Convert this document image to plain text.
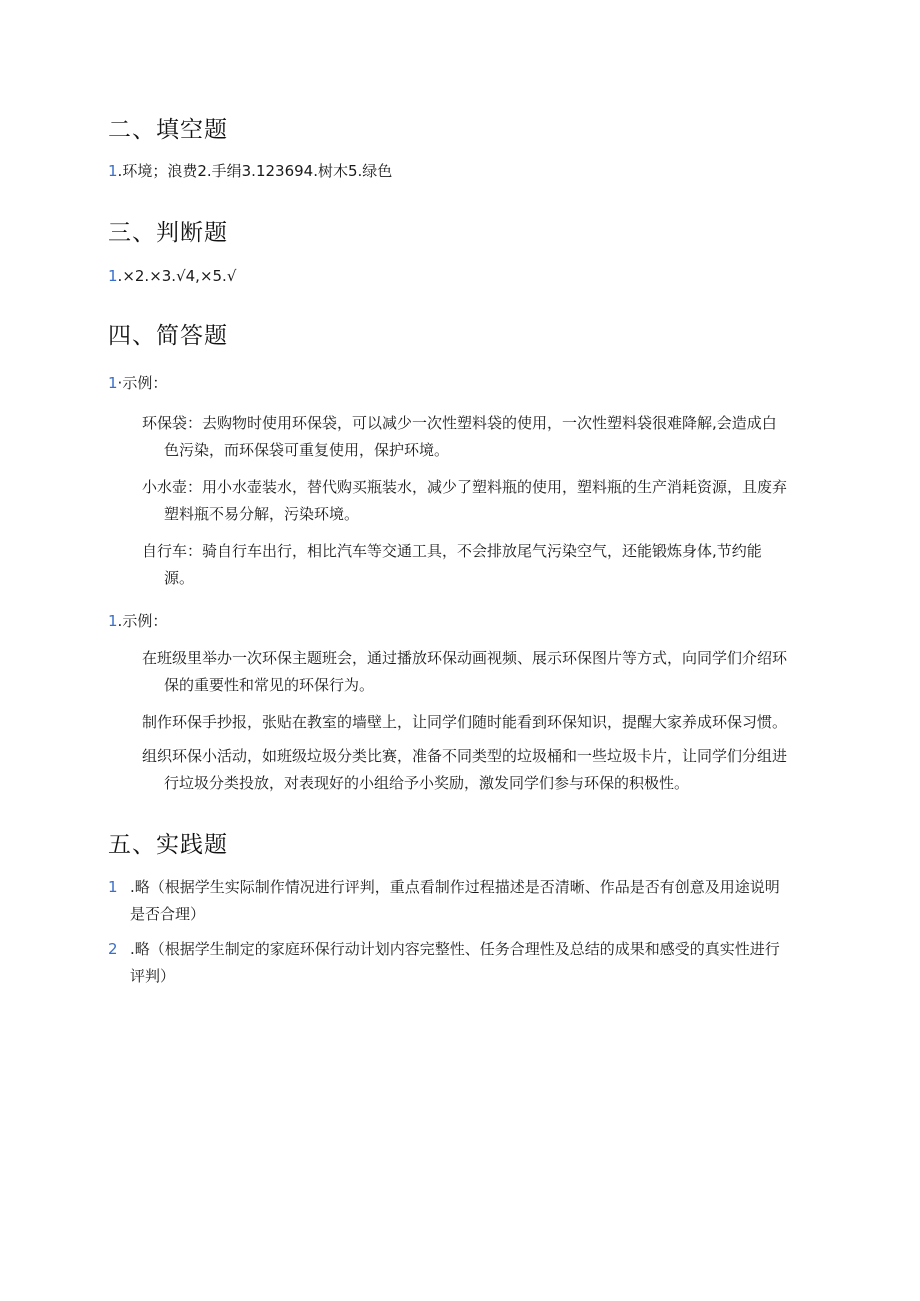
二、填空题
1.环境；浪费2.手绢3.123694.树木5.绿色
三、判断题
1.×2.×3.√4,×5.√
四、简答题
1·示例：
环保袋：去购物时使用环保袋，可以减少一次性塑料袋的使用，一次性塑料袋很难降解,会造成白
色污染，而环保袋可重复使用，保护环境。
小水壶：用小水壶装水，替代购买瓶装水，减少了塑料瓶的使用，塑料瓶的生产消耗资源，且废弃
塑料瓶不易分解，污染环境。
自行车：骑自行车出行，相比汽车等交通工具，不会排放尾气污染空气，还能锻炼身体,节约能
源。
1.示例：
在班级里举办一次环保主题班会，通过播放环保动画视频、展示环保图片等方式，向同学们介绍环
保的重要性和常见的环保行为。
制作环保手抄报，张贴在教室的墙壁上，让同学们随时能看到环保知识，提醒大家养成环保习惯。
组织环保小活动，如班级垃圾分类比赛，准备不同类型的垃圾桶和一些垃圾卡片，让同学们分组进
行垃圾分类投放，对表现好的小组给予小奖励，激发同学们参与环保的积极性。
五、实践题
1 .略（根据学生实际制作情况进行评判，重点看制作过程描述是否清晰、作品是否有创意及用途说明
是否合理）
2 .略（根据学生制定的家庭环保行动计划内容完整性、任务合理性及总结的成果和感受的真实性进行
评判）
